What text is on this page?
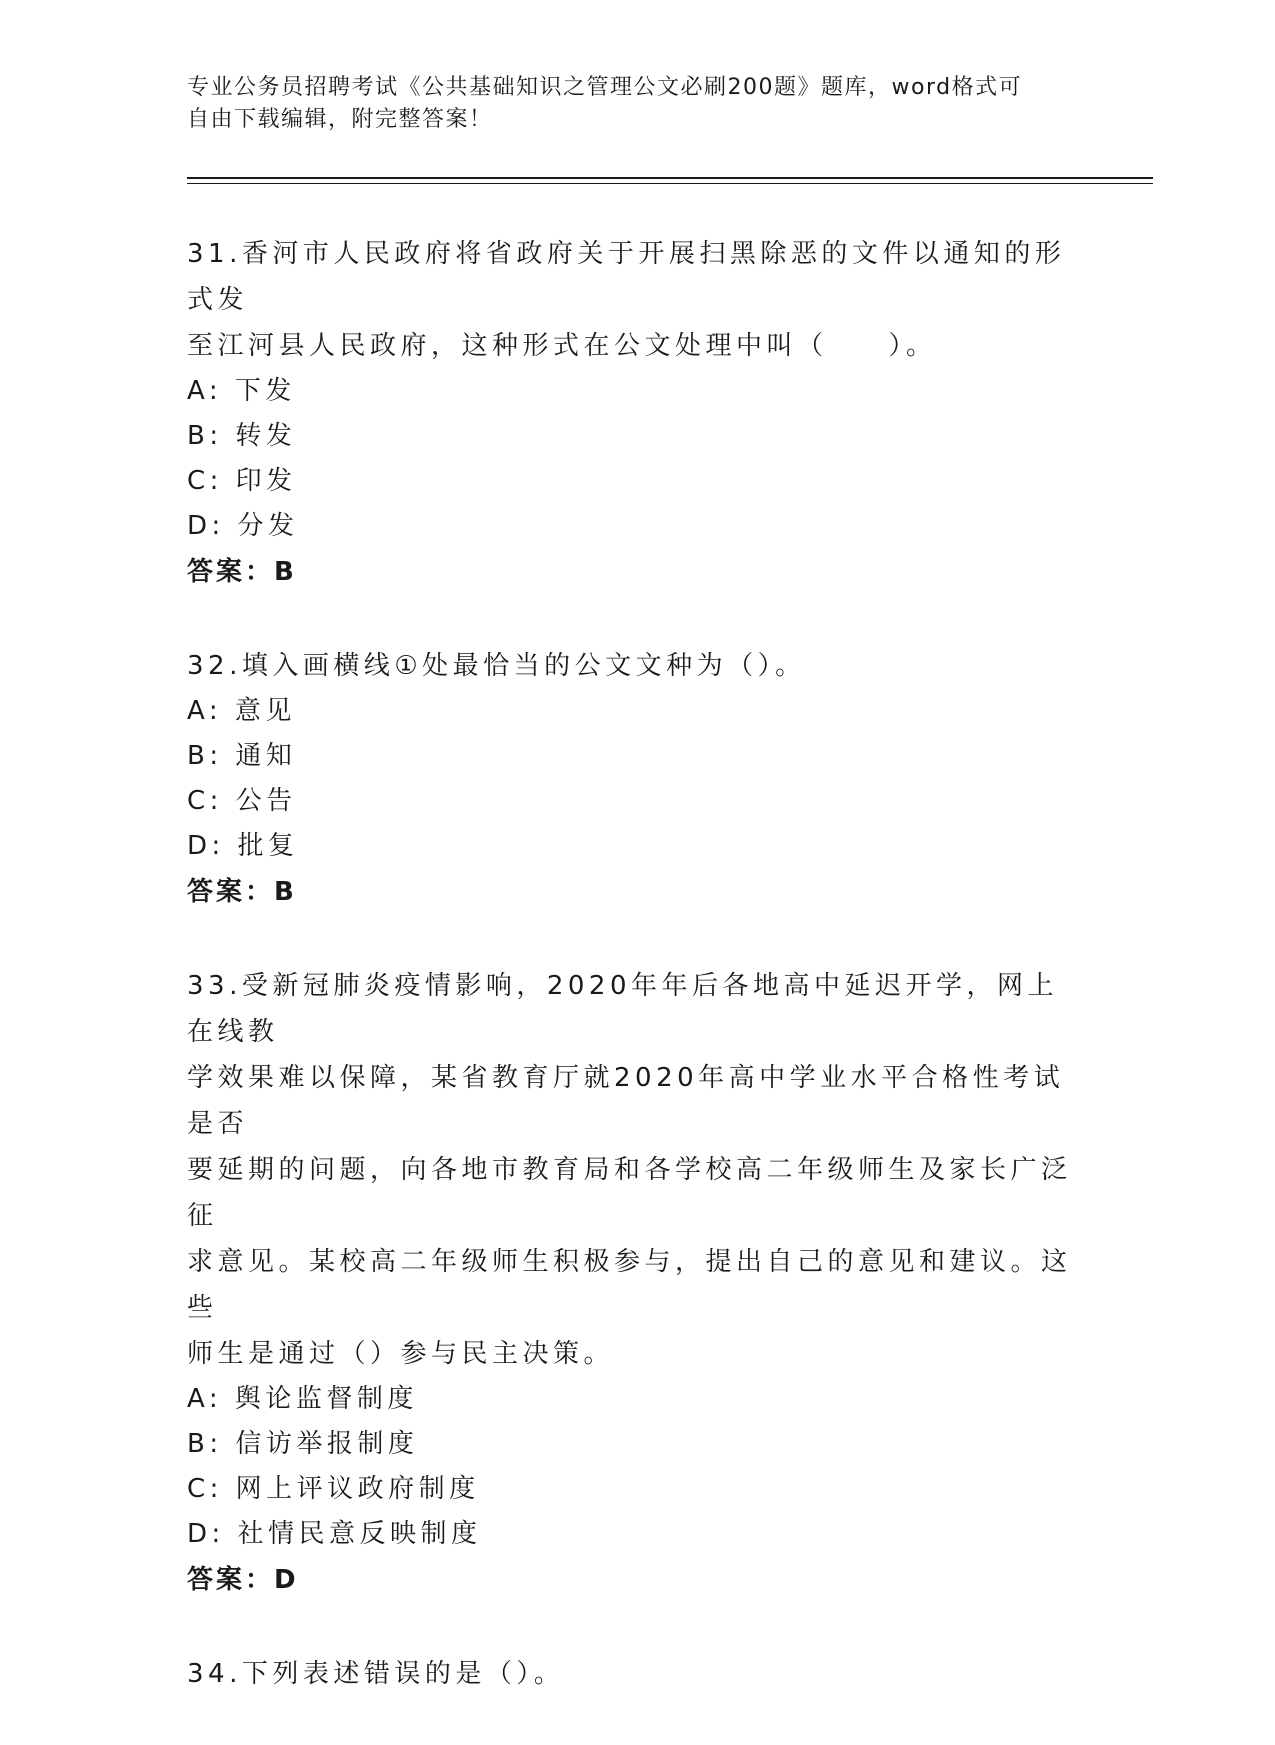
专业公务员招聘考试《公共基础知识之管理公文必刷200题》题库，word格式可

自由下载编辑，附完整答案！

31.香河市人民政府将省政府关于开展扫黑除恶的文件以通知的形式发

至江河县人民政府，这种形式在公文处理中叫（　　）。

A: 下发

B: 转发

C: 印发

D: 分发

答案：B

32.填入画横线①处最恰当的公文文种为（）。

A: 意见

B: 通知

C: 公告

D: 批复

答案：B

33.受新冠肺炎疫情影响，2020年年后各地高中延迟开学，网上在线教

学效果难以保障，某省教育厅就2020年高中学业水平合格性考试是否

要延期的问题，向各地市教育局和各学校高二年级师生及家长广泛征

求意见。某校高二年级师生积极参与，提出自己的意见和建议。这些

师生是通过（）参与民主决策。

A: 舆论监督制度

B: 信访举报制度

C: 网上评议政府制度

D: 社情民意反映制度

答案：D

34.下列表述错误的是（）。
